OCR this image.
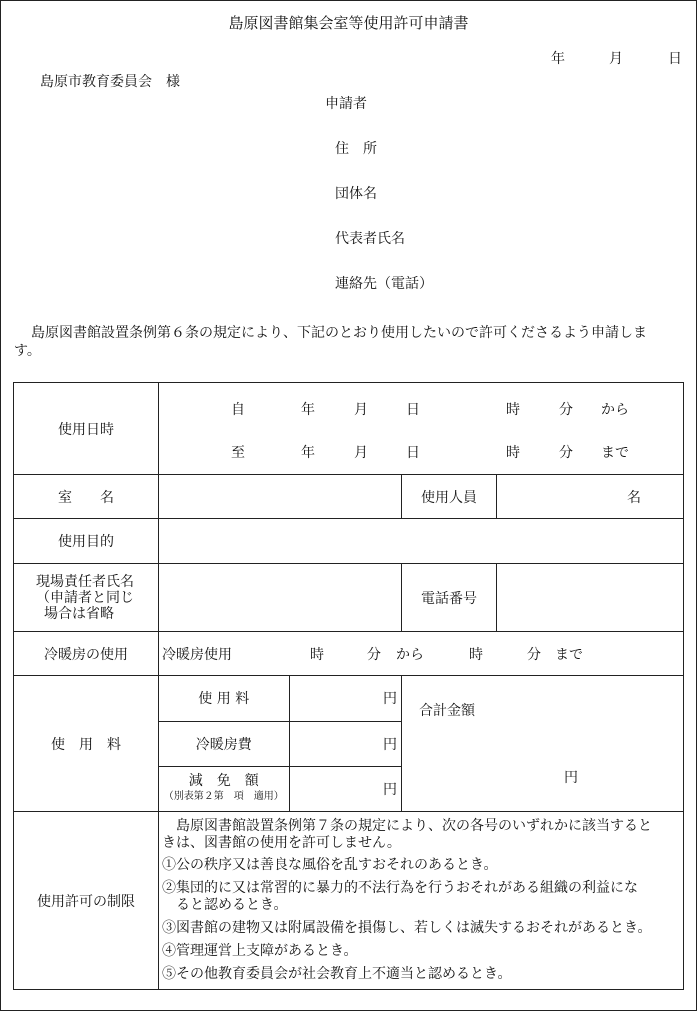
島原図書館集会室等使用許可申請書
年	月	日
島原市教育委員会　様
申請者
住　所
団体名
代表者氏名
連絡先（電話）
島原図書館設置条例第６条の規定により、下記のとおり使用したいので許可くださるよう申請しま
す。
使用日時	
自	年	月	日	時	分 から
至	年	月	日	時	分 まで

室　　名		使用人員	名
使用目的	

現場責任者氏名
（申請者と同じ
場合は省略
		電話番号	
冷暖房の使用	冷暖房使用	時	分 から	時	分 まで

使　用　料	
使 用 料	円
冷暖房費	円

減　免　額
（別表第２第　項　適用）	円

合計金額
円

使用許可の制限	

　島原図書館設置条例第７条の規定により、次の各号のいずれかに該当すると

きは、図書館の使用を許可しません。

①公の秩序又は善良な風俗を乱すおそれのあるとき。

②集団的に又は常習的に暴力的不法行為を行うおそれがある組織の利益にな

　ると認めるとき。

③図書館の建物又は附属設備を損傷し、若しくは滅失するおそれがあるとき。

④管理運営上支障があるとき。

⑤その他教育委員会が社会教育上不適当と認めるとき。
